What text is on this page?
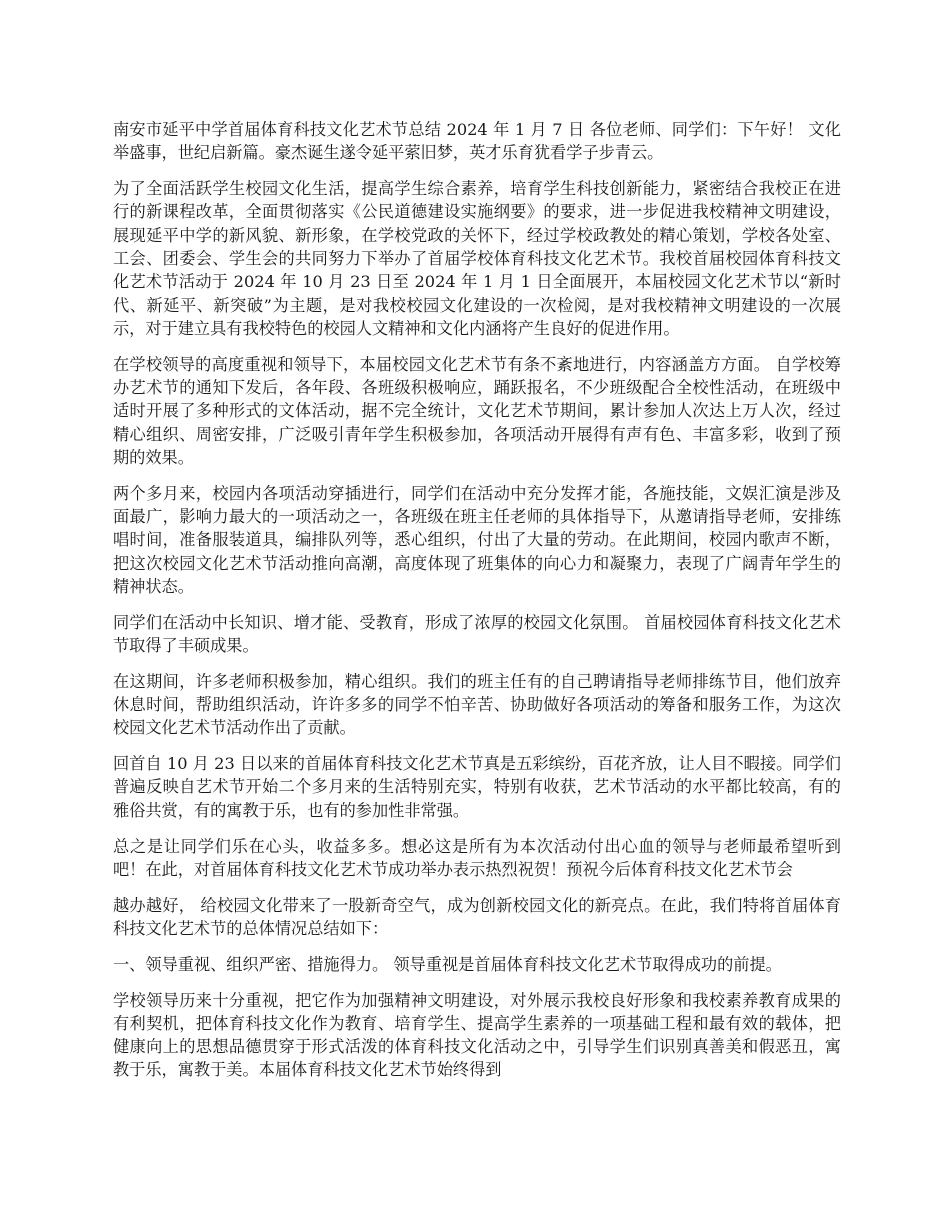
南安市延平中学首届体育科技文化艺术节总结 2024 年 1 月 7 日 各位老师、同学们：下午好！ 文化举盛事，世纪启新篇。豪杰诞生遂令延平萦旧梦，英才乐育犹看学子步青云。

为了全面活跃学生校园文化生活，提高学生综合素养，培育学生科技创新能力，紧密结合我校正在进行的新课程改革，全面贯彻落实《公民道德建设实施纲要》的要求，进一步促进我校精神文明建设，展现延平中学的新风貌、新形象，在学校党政的关怀下，经过学校政教处的精心策划，学校各处室、工会、团委会、学生会的共同努力下举办了首届学校体育科技文化艺术节。我校首届校园体育科技文化艺术节活动于 2024 年 10 月 23 日至 2024 年 1 月 1 日全面展开，本届校园文化艺术节以“新时代、新延平、新突破”为主题，是对我校校园文化建设的一次检阅，是对我校精神文明建设的一次展示，对于建立具有我校特色的校园人文精神和文化内涵将产生良好的促进作用。

在学校领导的高度重视和领导下，本届校园文化艺术节有条不紊地进行，内容涵盖方方面。 自学校筹办艺术节的通知下发后，各年段、各班级积极响应，踊跃报名，不少班级配合全校性活动，在班级中适时开展了多种形式的文体活动，据不完全统计，文化艺术节期间，累计参加人次达上万人次，经过精心组织、周密安排，广泛吸引青年学生积极参加，各项活动开展得有声有色、丰富多彩，收到了预期的效果。

两个多月来，校园内各项活动穿插进行，同学们在活动中充分发挥才能，各施技能，文娱汇演是涉及面最广，影响力最大的一项活动之一，各班级在班主任老师的具体指导下，从邀请指导老师，安排练唱时间，准备服装道具，编排队列等，悉心组织，付出了大量的劳动。在此期间，校园内歌声不断，把这次校园文化艺术节活动推向高潮，高度体现了班集体的向心力和凝聚力，表现了广阔青年学生的精神状态。

同学们在活动中长知识、增才能、受教育，形成了浓厚的校园文化氛围。 首届校园体育科技文化艺术节取得了丰硕成果。

在这期间，许多老师积极参加，精心组织。我们的班主任有的自己聘请指导老师排练节目，他们放弃休息时间，帮助组织活动，许许多多的同学不怕辛苦、协助做好各项活动的筹备和服务工作，为这次校园文化艺术节活动作出了贡献。

回首自 10 月 23 日以来的首届体育科技文化艺术节真是五彩缤纷，百花齐放，让人目不暇接。同学们普遍反映自艺术节开始二个多月来的生活特别充实，特别有收获，艺术节活动的水平都比较高，有的雅俗共赏，有的寓教于乐，也有的参加性非常强。

总之是让同学们乐在心头，收益多多。想必这是所有为本次活动付出心血的领导与老师最希望听到吧！在此，对首届体育科技文化艺术节成功举办表示热烈祝贺！预祝今后体育科技文化艺术节会

越办越好， 给校园文化带来了一股新奇空气，成为创新校园文化的新亮点。在此，我们特将首届体育科技文化艺术节的总体情况总结如下：

一、领导重视、组织严密、措施得力。 领导重视是首届体育科技文化艺术节取得成功的前提。

学校领导历来十分重视，把它作为加强精神文明建设，对外展示我校良好形象和我校素养教育成果的有利契机，把体育科技文化作为教育、培育学生、提高学生素养的一项基础工程和最有效的载体，把健康向上的思想品德贯穿于形式活泼的体育科技文化活动之中，引导学生们识别真善美和假恶丑，寓教于乐，寓教于美。本届体育科技文化艺术节始终得到
